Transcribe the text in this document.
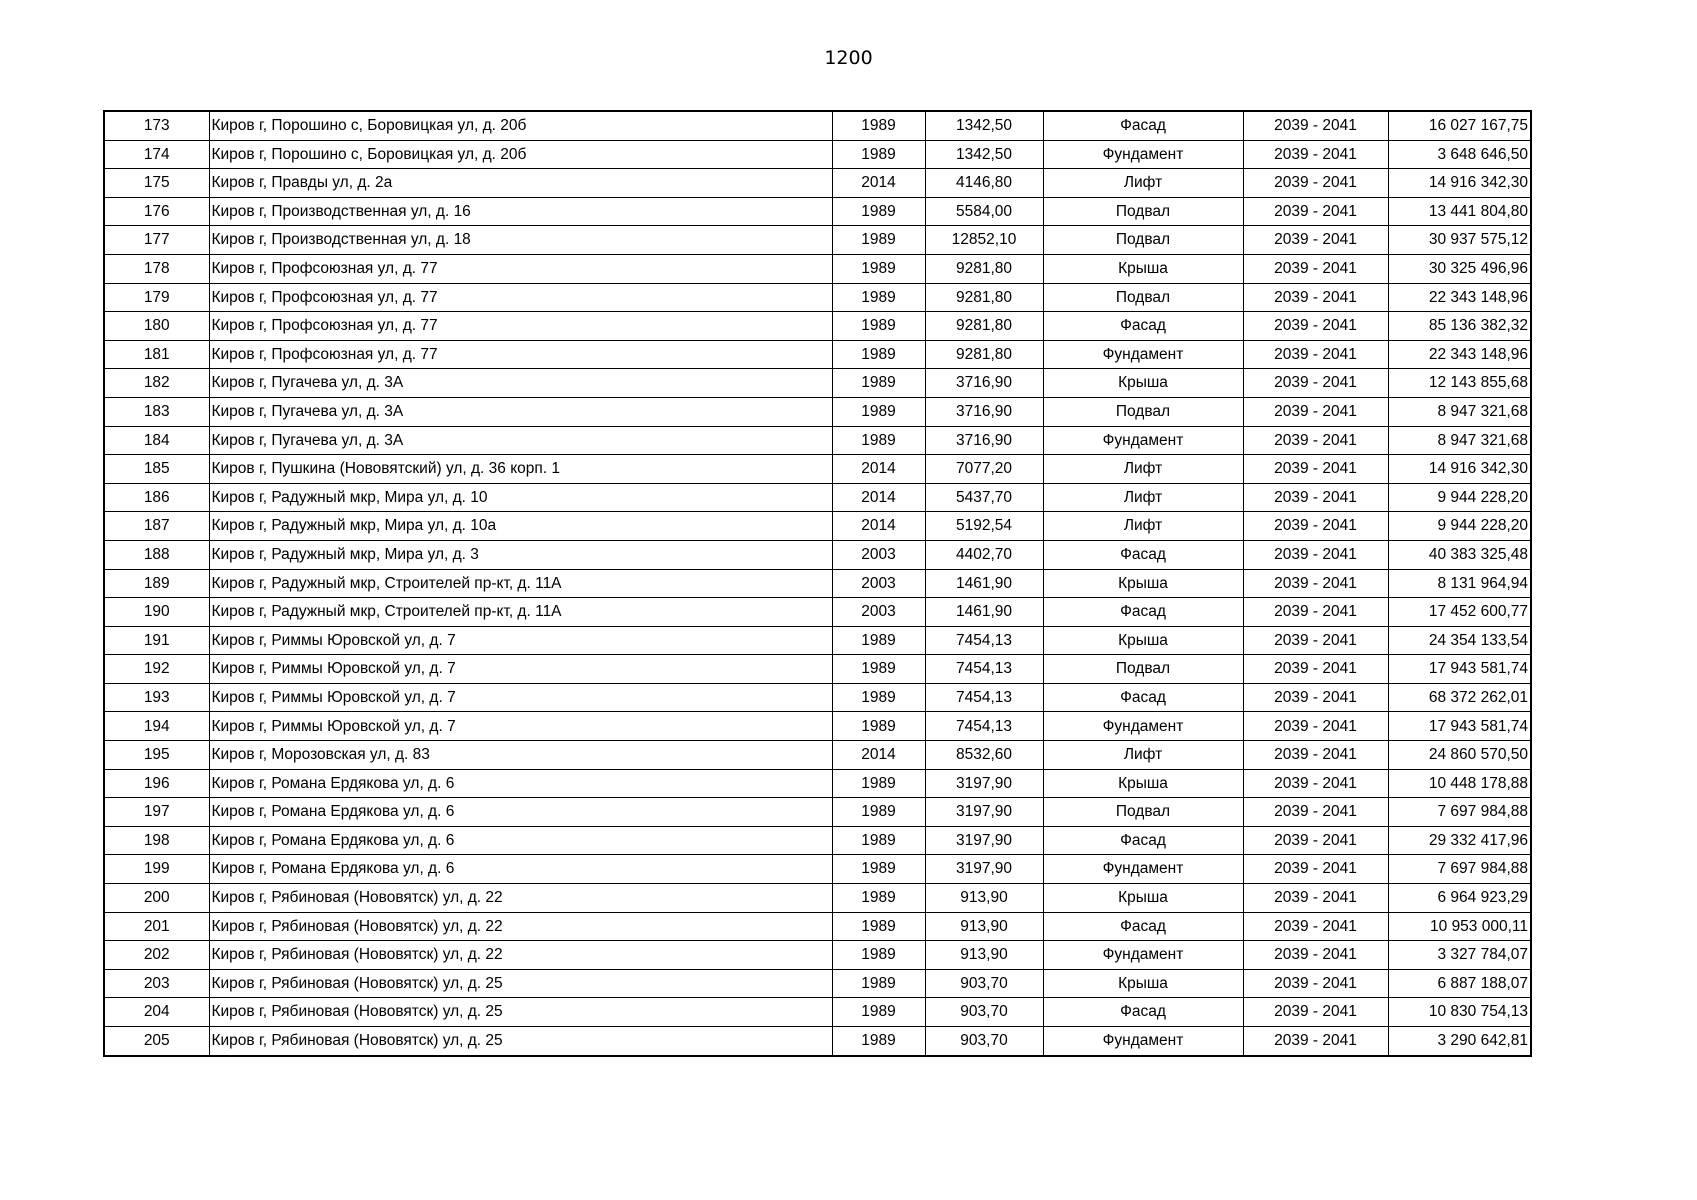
1200
173	Киров г, Порошино с, Боровицкая ул, д. 20б	1989	1342,50	Фасад	2039 - 2041	16 027 167,75
174	Киров г, Порошино с, Боровицкая ул, д. 20б	1989	1342,50	Фундамент	2039 - 2041	3 648 646,50
175	Киров г, Правды ул, д. 2а	2014	4146,80	Лифт	2039 - 2041	14 916 342,30
176	Киров г, Производственная ул, д. 16	1989	5584,00	Подвал	2039 - 2041	13 441 804,80
177	Киров г, Производственная ул, д. 18	1989	12852,10	Подвал	2039 - 2041	30 937 575,12
178	Киров г, Профсоюзная ул, д. 77	1989	9281,80	Крыша	2039 - 2041	30 325 496,96
179	Киров г, Профсоюзная ул, д. 77	1989	9281,80	Подвал	2039 - 2041	22 343 148,96
180	Киров г, Профсоюзная ул, д. 77	1989	9281,80	Фасад	2039 - 2041	85 136 382,32
181	Киров г, Профсоюзная ул, д. 77	1989	9281,80	Фундамент	2039 - 2041	22 343 148,96
182	Киров г, Пугачева ул, д. 3А	1989	3716,90	Крыша	2039 - 2041	12 143 855,68
183	Киров г, Пугачева ул, д. 3А	1989	3716,90	Подвал	2039 - 2041	8 947 321,68
184	Киров г, Пугачева ул, д. 3А	1989	3716,90	Фундамент	2039 - 2041	8 947 321,68
185	Киров г, Пушкина (Нововятский) ул, д. 36 корп. 1	2014	7077,20	Лифт	2039 - 2041	14 916 342,30
186	Киров г, Радужный мкр, Мира ул, д. 10	2014	5437,70	Лифт	2039 - 2041	9 944 228,20
187	Киров г, Радужный мкр, Мира ул, д. 10а	2014	5192,54	Лифт	2039 - 2041	9 944 228,20
188	Киров г, Радужный мкр, Мира ул, д. 3	2003	4402,70	Фасад	2039 - 2041	40 383 325,48
189	Киров г, Радужный мкр, Строителей пр-кт, д. 11А	2003	1461,90	Крыша	2039 - 2041	8 131 964,94
190	Киров г, Радужный мкр, Строителей пр-кт, д. 11А	2003	1461,90	Фасад	2039 - 2041	17 452 600,77
191	Киров г, Риммы Юровской ул, д. 7	1989	7454,13	Крыша	2039 - 2041	24 354 133,54
192	Киров г, Риммы Юровской ул, д. 7	1989	7454,13	Подвал	2039 - 2041	17 943 581,74
193	Киров г, Риммы Юровской ул, д. 7	1989	7454,13	Фасад	2039 - 2041	68 372 262,01
194	Киров г, Риммы Юровской ул, д. 7	1989	7454,13	Фундамент	2039 - 2041	17 943 581,74
195	Киров г, Морозовская ул, д. 83	2014	8532,60	Лифт	2039 - 2041	24 860 570,50
196	Киров г, Романа Ердякова ул, д. 6	1989	3197,90	Крыша	2039 - 2041	10 448 178,88
197	Киров г, Романа Ердякова ул, д. 6	1989	3197,90	Подвал	2039 - 2041	7 697 984,88
198	Киров г, Романа Ердякова ул, д. 6	1989	3197,90	Фасад	2039 - 2041	29 332 417,96
199	Киров г, Романа Ердякова ул, д. 6	1989	3197,90	Фундамент	2039 - 2041	7 697 984,88
200	Киров г, Рябиновая (Нововятск) ул, д. 22	1989	913,90	Крыша	2039 - 2041	6 964 923,29
201	Киров г, Рябиновая (Нововятск) ул, д. 22	1989	913,90	Фасад	2039 - 2041	10 953 000,11
202	Киров г, Рябиновая (Нововятск) ул, д. 22	1989	913,90	Фундамент	2039 - 2041	3 327 784,07
203	Киров г, Рябиновая (Нововятск) ул, д. 25	1989	903,70	Крыша	2039 - 2041	6 887 188,07
204	Киров г, Рябиновая (Нововятск) ул, д. 25	1989	903,70	Фасад	2039 - 2041	10 830 754,13
205	Киров г, Рябиновая (Нововятск) ул, д. 25	1989	903,70	Фундамент	2039 - 2041	3 290 642,81
